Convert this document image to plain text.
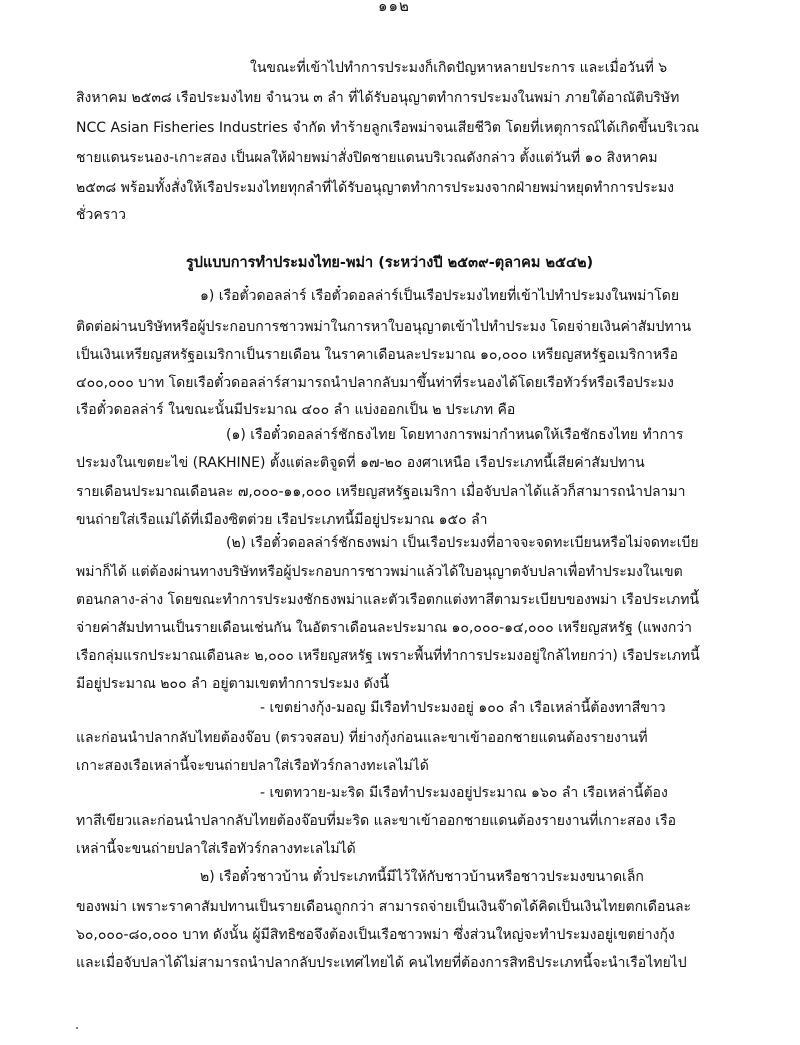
๑๑๒
ในขณะที่เข้าไปทำการประมงก็เกิดปัญหาหลายประการ และเมื่อวันที่ ๖
สิงหาคม ๒๕๓๘ เรือประมงไทย จำนวน ๓ ลำ ที่ได้รับอนุญาตทำการประมงในพม่า ภายใต้อาณัติบริษัท
NCC Asian Fisheries Industries จำกัด ทำร้ายลูกเรือพม่าจนเสียชีวิต โดยที่เหตุการณ์ได้เกิดขึ้นบริเวณ
ชายแดนระนอง-เกาะสอง เป็นผลให้ฝ่ายพม่าสั่งปิดชายแดนบริเวณดังกล่าว ตั้งแต่วันที่ ๑๐ สิงหาคม
๒๕๓๘ พร้อมทั้งสั่งให้เรือประมงไทยทุกลำที่ได้รับอนุญาตทำการประมงจากฝ่ายพม่าหยุดทำการประมง
ชั่วคราว
รูปแบบการทำประมงไทย-พม่า (ระหว่างปี ๒๕๓๙-ตุลาคม ๒๕๔๒)
๑) เรือตั๋วดอลล่าร์ เรือตั๋วดอลล่าร์เป็นเรือประมงไทยที่เข้าไปทำประมงในพม่าโดย
ติดต่อผ่านบริษัทหรือผู้ประกอบการชาวพม่าในการหาใบอนุญาตเข้าไปทำประมง โดยจ่ายเงินค่าสัมปทาน
เป็นเงินเหรียญสหรัฐอเมริกาเป็นรายเดือน ในราคาเดือนละประมาณ ๑๐,๐๐๐ เหรียญสหรัฐอเมริกาหรือ
๔๐๐,๐๐๐ บาท โดยเรือตั๋วดอลล่าร์สามารถนำปลากลับมาขึ้นท่าที่ระนองได้โดยเรือทัวร์หรือเรือประมง
เรือตั๋วดอลล่าร์ ในขณะนั้นมีประมาณ ๔๐๐ ลำ แบ่งออกเป็น ๒ ประเภท คือ
(๑) เรือตั๋วดอลล่าร์ชักธงไทย โดยทางการพม่ากำหนดให้เรือชักธงไทย ทำการ
ประมงในเขตยะไข่ (RAKHINE) ตั้งแต่ละติจูดที่ ๑๗-๒๐ องศาเหนือ เรือประเภทนี้เสียค่าสัมปทาน
รายเดือนประมาณเดือนละ ๗,๐๐๐-๑๑,๐๐๐ เหรียญสหรัฐอเมริกา เมื่อจับปลาได้แล้วก็สามารถนำปลามา
ขนถ่ายใส่เรือแม่ได้ที่เมืองซิตต่วย เรือประเภทนี้มีอยู่ประมาณ ๑๕๐ ลำ
(๒) เรือตั๋วดอลล่าร์ชักธงพม่า เป็นเรือประมงที่อาจจะจดทะเบียนหรือไม่จดทะเบีย
พม่าก็ได้ แต่ต้องผ่านทางบริษัทหรือผู้ประกอบการชาวพม่าแล้วได้ใบอนุญาตจับปลาเพื่อทำประมงในเขต
ตอนกลาง-ล่าง โดยขณะทำการประมงชักธงพม่าและตัวเรือตกแต่งทาสีตามระเบียบของพม่า เรือประเภทนี้
จ่ายค่าสัมปทานเป็นรายเดือนเช่นกัน ในอัตราเดือนละประมาณ ๑๐,๐๐๐-๑๔,๐๐๐ เหรียญสหรัฐ (แพงกว่า
เรือกลุ่มแรกประมาณเดือนละ ๒,๐๐๐ เหรียญสหรัฐ เพราะพื้นที่ทำการประมงอยู่ใกล้ไทยกว่า) เรือประเภทนี้
มีอยู่ประมาณ ๒๐๐ ลำ อยู่ตามเขตทำการประมง ดังนี้
- เขตย่างกุ้ง-มอญ มีเรือทำประมงอยู่ ๑๐๐ ลำ เรือเหล่านี้ต้องทาสีขาว
และก่อนนำปลากลับไทยต้องจ๊อบ (ตรวจสอบ) ที่ย่างกุ้งก่อนและขาเข้าออกชายแดนต้องรายงานที่
เกาะสองเรือเหล่านี้จะขนถ่ายปลาใส่เรือทัวร์กลางทะเลไม่ได้
- เขตทวาย-มะริด มีเรือทำประมงอยู่ประมาณ ๑๖๐ ลำ เรือเหล่านี้ต้อง
ทาสีเขียวและก่อนนำปลากลับไทยต้องจ๊อบที่มะริด และขาเข้าออกชายแดนต้องรายงานที่เกาะสอง เรือ
เหล่านี้จะขนถ่ายปลาใส่เรือทัวร์กลางทะเลไม่ได้
๒) เรือตั๋วชาวบ้าน ตั๋วประเภทนี้มีไว้ให้กับชาวบ้านหรือชาวประมงขนาดเล็ก
ของพม่า เพราะราคาสัมปทานเป็นรายเดือนถูกกว่า สามารถจ่ายเป็นเงินจ๊าดได้คิดเป็นเงินไทยตกเดือนละ
๖๐,๐๐๐-๘๐,๐๐๐ บาท ดังนั้น ผู้มีสิทธิซอจึงต้องเป็นเรือชาวพม่า ซึ่งส่วนใหญ่จะทำประมงอยู่เขตย่างกุ้ง
และเมื่อจับปลาได้ไม่สามารถนำปลากลับประเทศไทยได้ คนไทยที่ต้องการสิทธิประเภทนี้จะนำเรือไทยไป
